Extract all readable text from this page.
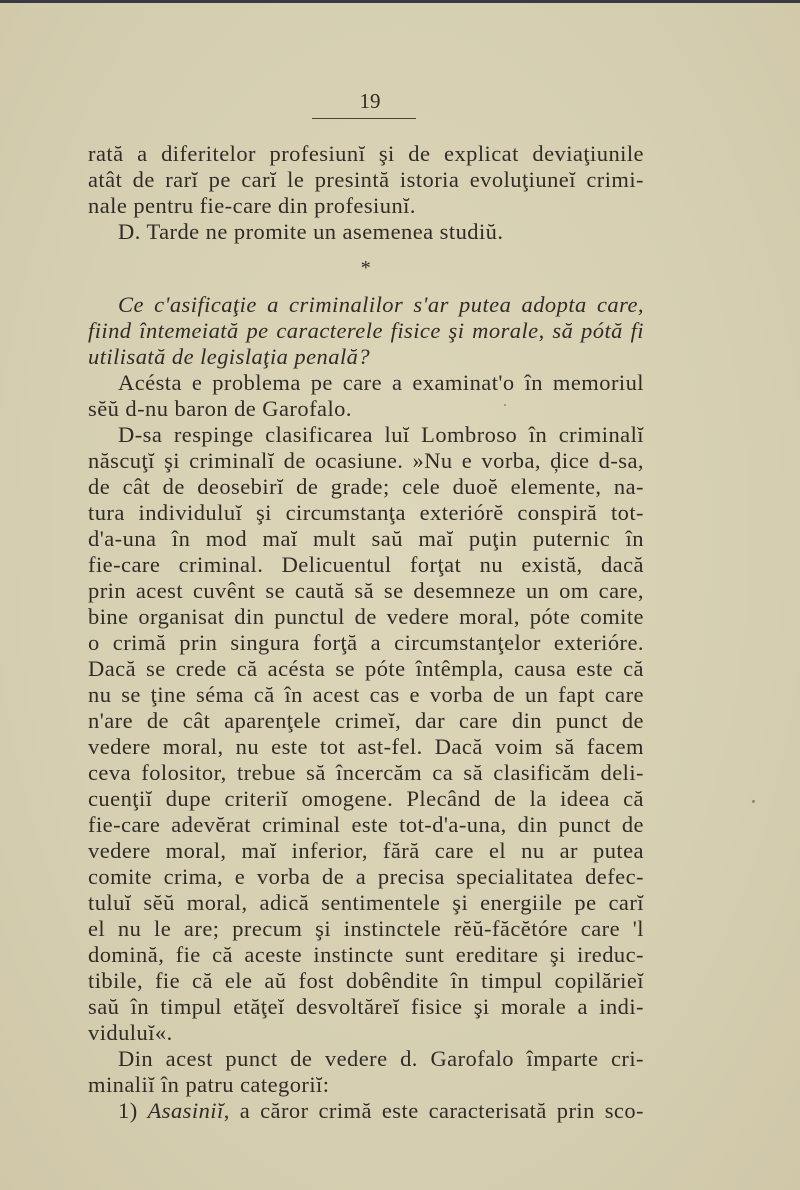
19
rată a diferitelor profesiunĭ şi de explicat deviaţiunile
atât de rarĭ pe carĭ le presintă istoria evoluţiuneĭ crimi-
nale pentru fie-care din profesiunĭ.
D. Tarde ne promite un asemenea studiŭ.
*
Ce c'asificaţie a criminalilor s'ar putea adopta care,
fiind întemeiată pe caracterele fisice şi morale, să pótă fi
utilisată de legislaţia penală?
Acésta e problema pe care a examinat'o în memoriul
sĕŭ d-nu baron de Garofalo.
D-sa respinge clasificarea luĭ Lombroso în criminalĭ
născuţĭ şi criminalĭ de ocasiune. »Nu e vorba, ḑice d-sa,
de cât de deosebirĭ de grade; cele duoĕ elemente, na-
tura individuluĭ şi circumstanţa exteriórĕ conspiră tot-
d'a-una în mod maĭ mult saŭ maĭ puţin puternic în
fie-care criminal. Delicuentul forţat nu există, dacă
prin acest cuvênt se caută să se desemneze un om care,
bine organisat din punctul de vedere moral, póte comite
o crimă prin singura forţă a circumstanţelor exterióre.
Dacă se crede că acésta se póte întêmpla, causa este că
nu se ţine séma că în acest cas e vorba de un fapt care
n'are de cât aparenţele crimeĭ, dar care din punct de
vedere moral, nu este tot ast-fel. Dacă voim să facem
ceva folositor, trebue să încercăm ca să clasificăm deli-
cuenţiĭ dupe criteriĭ omogene. Plecând de la ideea că
fie-care adevĕrat criminal este tot-d'a-una, din punct de
vedere moral, maĭ inferior, fără care el nu ar putea
comite crima, e vorba de a precisa specialitatea defec-
tuluĭ sĕŭ moral, adică sentimentele şi energiile pe carĭ
el nu le are; precum şi instinctele rĕŭ-făcĕtóre care 'l
domină, fie că aceste instincte sunt ereditare şi ireduc-
tibile, fie că ele aŭ fost dobêndite în timpul copilărieĭ
saŭ în timpul etăţeĭ desvoltăreĭ fisice şi morale a indi-
viduluĭ«.
Din acest punct de vedere d. Garofalo împarte cri-
minaliĭ în patru categoriĭ:
1) Asasiniĭ, a căror crimă este caracterisată prin sco-
